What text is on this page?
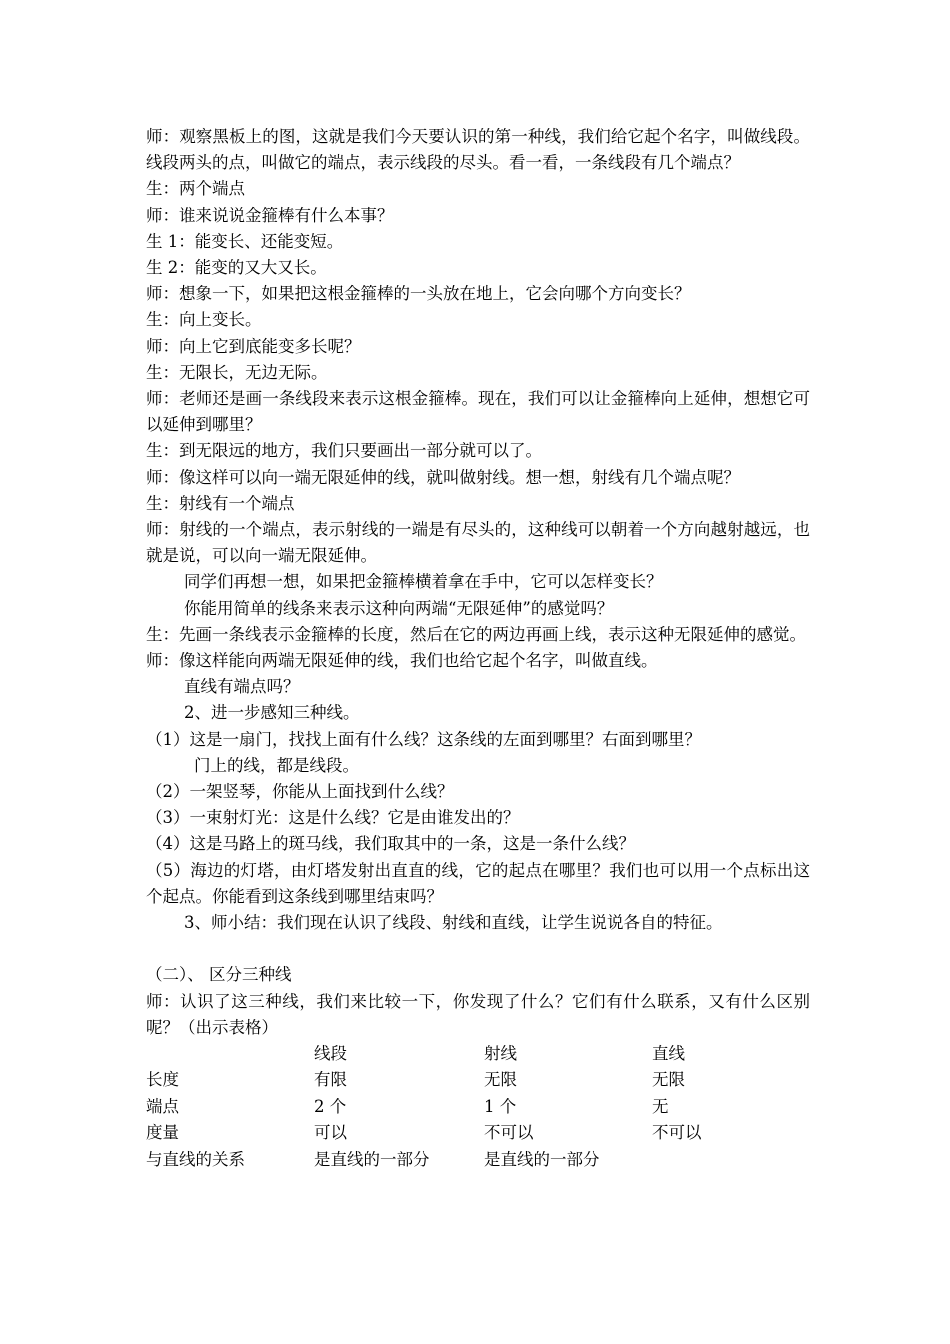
师：观察黑板上的图，这就是我们今天要认识的第一种线，我们给它起个名字，叫做线段。线段两头的点，叫做它的端点，表示线段的尽头。看一看，一条线段有几个端点？

生：两个端点

师：谁来说说金箍棒有什么本事？

生 1：能变长、还能变短。

生 2：能变的又大又长。

师：想象一下，如果把这根金箍棒的一头放在地上，它会向哪个方向变长？

生：向上变长。

师：向上它到底能变多长呢？

生：无限长，无边无际。

师：老师还是画一条线段来表示这根金箍棒。现在，我们可以让金箍棒向上延伸，想想它可以延伸到哪里？

生：到无限远的地方，我们只要画出一部分就可以了。

师：像这样可以向一端无限延伸的线，就叫做射线。想一想，射线有几个端点呢？

生：射线有一个端点

师：射线的一个端点，表示射线的一端是有尽头的，这种线可以朝着一个方向越射越远，也就是说，可以向一端无限延伸。

同学们再想一想，如果把金箍棒横着拿在手中，它可以怎样变长？

你能用简单的线条来表示这种向两端“无限延伸”的感觉吗？

生：先画一条线表示金箍棒的长度，然后在它的两边再画上线，表示这种无限延伸的感觉。

师：像这样能向两端无限延伸的线，我们也给它起个名字，叫做直线。

直线有端点吗？

2、进一步感知三种线。

（1）这是一扇门，找找上面有什么线？这条线的左面到哪里？右面到哪里？

门上的线，都是线段。

（2）一架竖琴，你能从上面找到什么线？

（3）一束射灯光：这是什么线？它是由谁发出的？

（4）这是马路上的斑马线，我们取其中的一条，这是一条什么线？

（5）海边的灯塔，由灯塔发射出直直的线，它的起点在哪里？我们也可以用一个点标出这个起点。你能看到这条线到哪里结束吗？

3、师小结：我们现在认识了线段、射线和直线，让学生说说各自的特征。

（二）、 区分三种线

师：认识了这三种线，我们来比较一下，你发现了什么？它们有什么联系，又有什么区别呢？（出示表格）

	线段	射线	直线
长度	有限	无限	无限
端点	2 个	1 个	无
度量	可以	不可以	不可以
与直线的关系	是直线的一部分	是直线的一部分	
